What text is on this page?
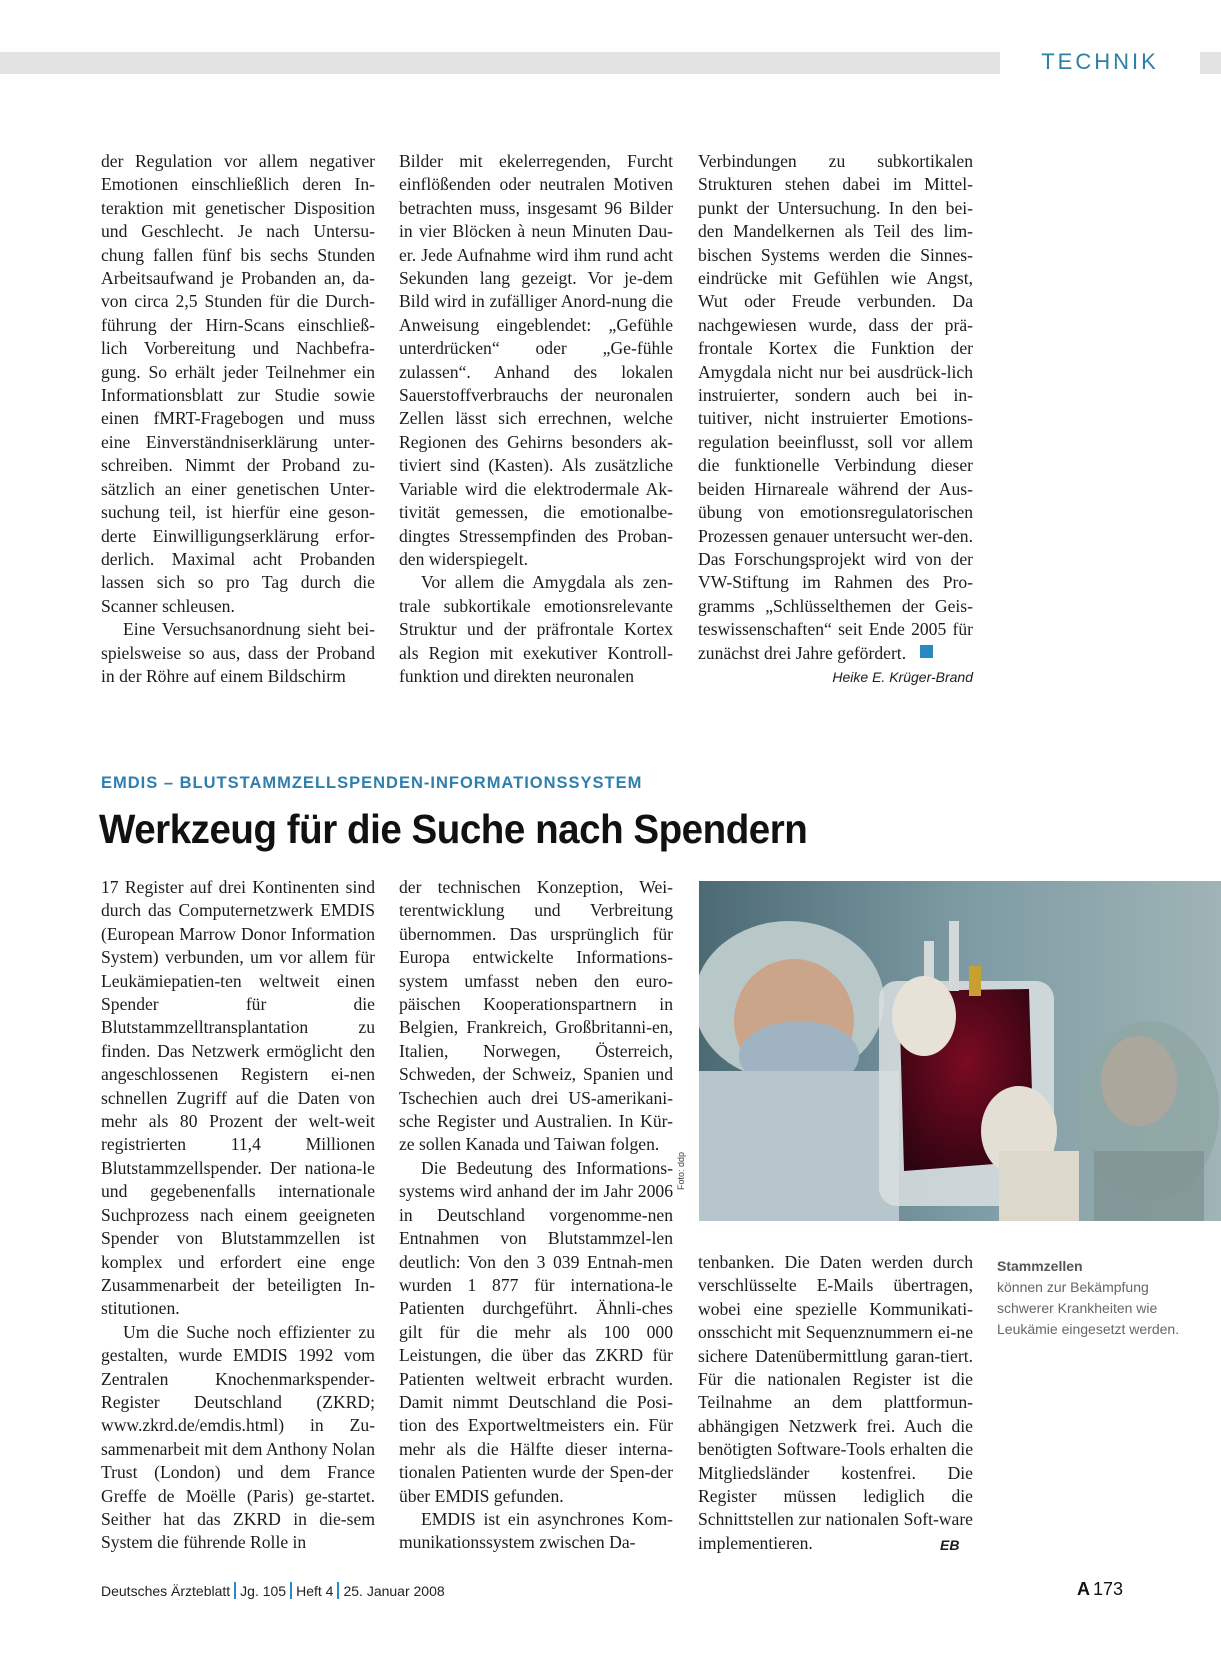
TECHNIK

der Regulation vor allem negativer Emotionen einschließlich deren In-teraktion mit genetischer Disposition und Geschlecht. Je nach Untersu-chung fallen fünf bis sechs Stunden Arbeitsaufwand je Probanden an, da-von circa 2,5 Stunden für die Durch-führung der Hirn-Scans einschließ-lich Vorbereitung und Nachbefra-gung. So erhält jeder Teilnehmer ein Informationsblatt zur Studie sowie einen fMRT-Fragebogen und muss eine Einverständniserklärung unter-schreiben. Nimmt der Proband zu-sätzlich an einer genetischen Unter-suchung teil, ist hierfür eine geson-derte Einwilligungserklärung erfor-derlich. Maximal acht Probanden lassen sich so pro Tag durch die Scanner schleusen.

Eine Versuchsanordnung sieht bei-spielsweise so aus, dass der Proband in der Röhre auf einem Bildschirm

Bilder mit ekelerregenden, Furcht einflößenden oder neutralen Motiven betrachten muss, insgesamt 96 Bilder in vier Blöcken à neun Minuten Dau-er. Jede Aufnahme wird ihm rund acht Sekunden lang gezeigt. Vor je-dem Bild wird in zufälliger Anord-nung die Anweisung eingeblendet: „Gefühle unterdrücken“ oder „Ge-fühle zulassen“. Anhand des lokalen Sauerstoffverbrauchs der neuronalen Zellen lässt sich errechnen, welche Regionen des Gehirns besonders ak-tiviert sind (Kasten). Als zusätzliche Variable wird die elektrodermale Ak-tivität gemessen, die emotionalbe-dingtes Stressempfinden des Proban-den widerspiegelt.

Vor allem die Amygdala als zen-trale subkortikale emotionsrelevante Struktur und der präfrontale Kortex als Region mit exekutiver Kontroll-funktion und direkten neuronalen

Verbindungen zu subkortikalen Strukturen stehen dabei im Mittel-punkt der Untersuchung. In den bei-den Mandelkernen als Teil des lim-bischen Systems werden die Sinnes-eindrücke mit Gefühlen wie Angst, Wut oder Freude verbunden. Da nachgewiesen wurde, dass der prä-frontale Kortex die Funktion der Amygdala nicht nur bei ausdrück-lich instruierter, sondern auch bei in-tuitiver, nicht instruierter Emotions-regulation beeinflusst, soll vor allem die funktionelle Verbindung dieser beiden Hirnareale während der Aus-übung von emotionsregulatorischen Prozessen genauer untersucht wer-den. Das Forschungsprojekt wird von der VW-Stiftung im Rahmen des Pro-gramms „Schlüsselthemen der Geis-teswissenschaften“ seit Ende 2005 für zunächst drei Jahre gefördert.

Heike E. Krüger-Brand
EMDIS – BLUTSTAMMZELLSPENDEN-INFORMATIONSSYSTEM
Werkzeug für die Suche nach Spendern

17 Register auf drei Kontinenten sind durch das Computernetzwerk EMDIS (European Marrow Donor Information System) verbunden, um vor allem für Leukämiepatien-ten weltweit einen Spender für die Blutstammzelltransplantation zu finden. Das Netzwerk ermöglicht den angeschlossenen Registern ei-nen schnellen Zugriff auf die Daten von mehr als 80 Prozent der welt-weit registrierten 11,4 Millionen Blutstammzellspender. Der nationa-le und gegebenenfalls internationale Suchprozess nach einem geeigneten Spender von Blutstammzellen ist komplex und erfordert eine enge Zusammenarbeit der beteiligten In-stitutionen.

Um die Suche noch effizienter zu gestalten, wurde EMDIS 1992 vom Zentralen Knochenmarkspender-Register Deutschland (ZKRD; www.zkrd.de/emdis.html) in Zu-sammenarbeit mit dem Anthony Nolan Trust (London) und dem France Greffe de Moëlle (Paris) ge-startet. Seither hat das ZKRD in die-sem System die führende Rolle in

der technischen Konzeption, Wei-terentwicklung und Verbreitung übernommen. Das ursprünglich für Europa entwickelte Informations-system umfasst neben den euro-päischen Kooperationspartnern in Belgien, Frankreich, Großbritanni-en, Italien, Norwegen, Österreich, Schweden, der Schweiz, Spanien und Tschechien auch drei US-amerikani-sche Register und Australien. In Kür-ze sollen Kanada und Taiwan folgen.

Die Bedeutung des Informations-systems wird anhand der im Jahr 2006 in Deutschland vorgenomme-nen Entnahmen von Blutstammzel-len deutlich: Von den 3 039 Entnah-men wurden 1 877 für internationa-le Patienten durchgeführt. Ähnli-ches gilt für die mehr als 100 000 Leistungen, die über das ZKRD für Patienten weltweit erbracht wurden. Damit nimmt Deutschland die Posi-tion des Exportweltmeisters ein. Für mehr als die Hälfte dieser interna-tionalen Patienten wurde der Spen-der über EMDIS gefunden.

EMDIS ist ein asynchrones Kom-munikationssystem zwischen Da-

tenbanken. Die Daten werden durch verschlüsselte E-Mails übertragen, wobei eine spezielle Kommunikati-onsschicht mit Sequenznummern ei-ne sichere Datenübermittlung garan-tiert. Für die nationalen Register ist die Teilnahme an dem plattformun-abhängigen Netzwerk frei. Auch die benötigten Software-Tools erhalten die Mitgliedsländer kostenfrei. Die Register müssen lediglich die Schnittstellen zur nationalen Soft-ware implementieren.	EB
Foto: ddp
Stammzellen
können zur Bekämpfung schwerer Krankheiten wie Leukämie eingesetzt werden.
Deutsches Ärzteblatt Jg. 105 Heft 4 25. Januar 2008	A 173
